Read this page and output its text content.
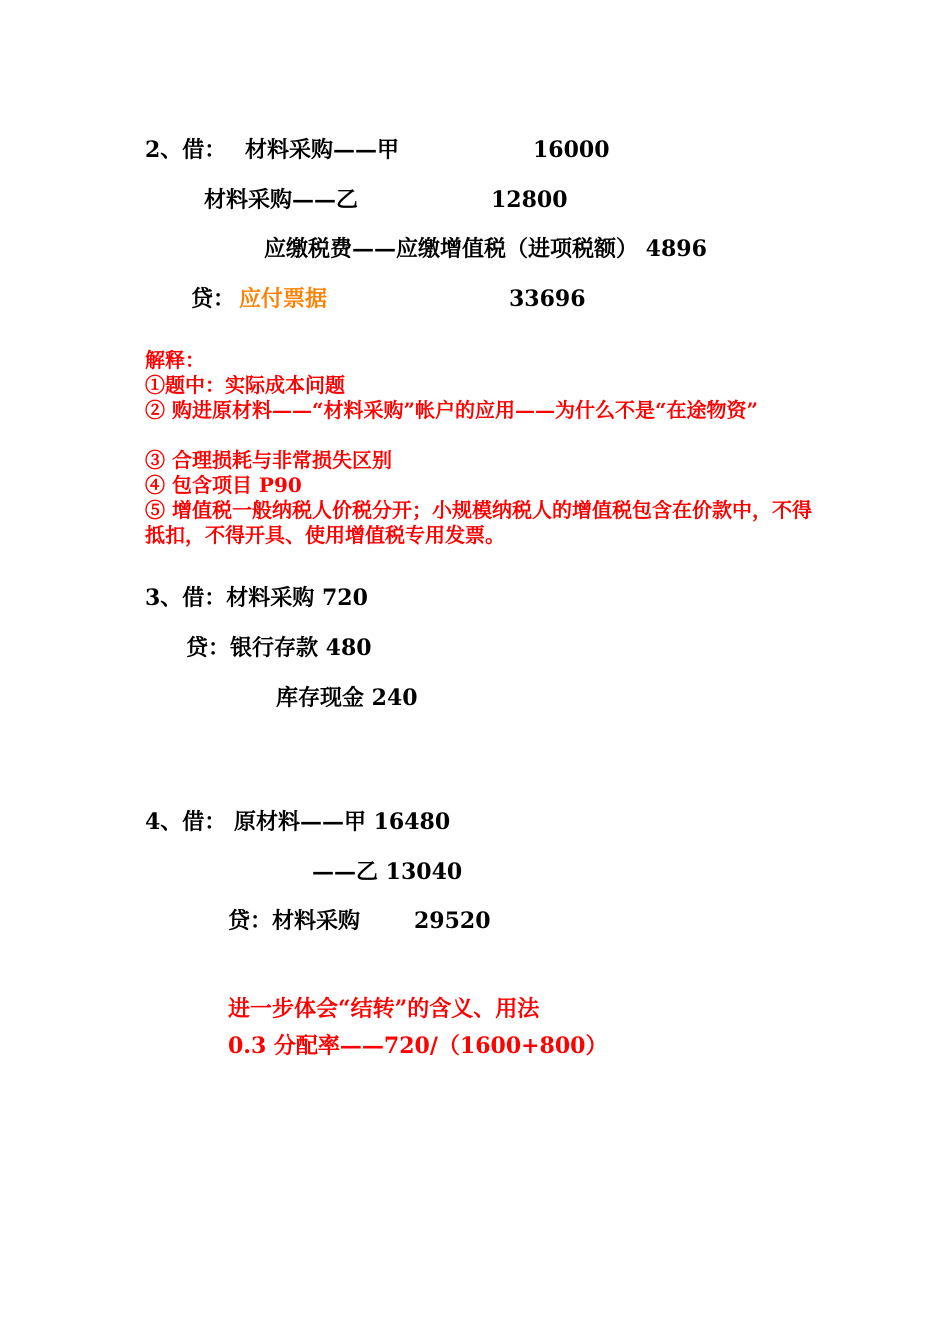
2、借： 材料采购——甲	16000
材料采购——乙	12800
应缴税费——应缴增值税（进项税额） 4896
贷： 应付票据	33696
解释：
①题中：实际成本问题
② 购进原材料——“材料采购”帐户的应用——为什么不是“在途物资”
③ 合理损耗与非常损失区别
④ 包含项目 P90
⑤ 增值税一般纳税人价税分开；小规模纳税人的增值税包含在价款中，不得抵扣，不得开具、使用增值税专用发票。
3、借：材料采购 720
贷：银行存款 480
库存现金 240
4、借： 原材料——甲 16480
——乙 13040
贷：材料采购 29520
进一步体会“结转”的含义、用法
0.3 分配率——720/（1600+800）
